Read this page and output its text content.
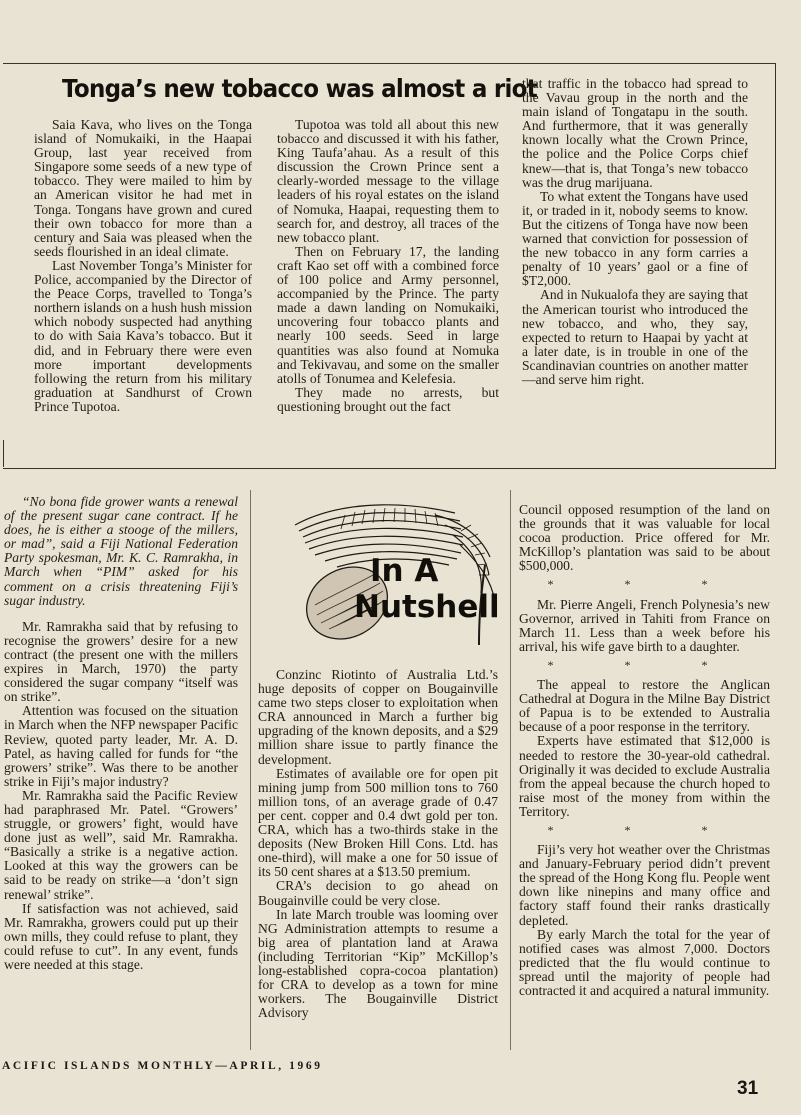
Tonga’s new tobacco was almost a riot

Saia Kava, who lives on the Tonga island of Nomukaiki, in the Haapai Group, last year received from Singapore some seeds of a new type of tobacco. They were mailed to him by an American visitor he had met in Tonga. Tongans have grown and cured their own tobacco for more than a century and Saia was pleased when the seeds flourished in an ideal climate.

Last November Tonga’s Minister for Police, accompanied by the Director of the Peace Corps, travelled to Tonga’s northern islands on a hush hush mission which nobody suspected had anything to do with Saia Kava’s tobacco. But it did, and in February there were even more important developments following the return from his military graduation at Sandhurst of Crown Prince Tupotoa.

Tupotoa was told all about this new tobacco and discussed it with his father, King Taufa’ahau. As a result of this discussion the Crown Prince sent a clearly-worded message to the village leaders of his royal estates on the island of Nomuka, Haapai, requesting them to search for, and destroy, all traces of the new tobacco plant.

Then on February 17, the landing craft Kao set off with a combined force of 100 police and Army personnel, accompanied by the Prince. The party made a dawn landing on Nomukaiki, uncovering four tobacco plants and nearly 100 seeds. Seed in large quantities was also found at Nomuka and Tekivavau, and some on the smaller atolls of Tonumea and Kelefesia.

They made no arrests, but questioning brought out the fact

that traffic in the tobacco had spread to the Vavau group in the north and the main island of Tongatapu in the south. And furthermore, that it was generally known locally what the Crown Prince, the police and the Police Corps chief knew—that is, that Tonga’s new tobacco was the drug marijuana.

To what extent the Tongans have used it, or traded in it, nobody seems to know. But the citizens of Tonga have now been warned that conviction for possession of the new tobacco in any form carries a penalty of 10 years’ gaol or a fine of $T2,000.

And in Nukualofa they are saying that the American tourist who introduced the new tobacco, and who, they say, expected to return to Haapai by yacht at a later date, is in trouble in one of the Scandinavian countries on another matter—and serve him right.

“No bona fide grower wants a renewal of the present sugar cane contract. If he does, he is either a stooge of the millers, or mad”, said a Fiji National Federation Party spokesman, Mr. K. C. Ramrakha, in March when “PIM” asked for his comment on a crisis threatening Fiji’s sugar industry.

Mr. Ramrakha said that by refusing to recognise the growers’ desire for a new contract (the present one with the millers expires in March, 1970) the party considered the sugar company “itself was on strike”.

Attention was focused on the situation in March when the NFP newspaper Pacific Review, quoted party leader, Mr. A. D. Patel, as having called for funds for “the growers’ strike”. Was there to be another strike in Fiji’s major industry?

Mr. Ramrakha said the Pacific Review had paraphrased Mr. Patel. “Growers’ struggle, or growers’ fight, would have done just as well”, said Mr. Ramrakha. “Basically a strike is a negative action. Looked at this way the growers can be said to be ready on strike—a ‘don’t sign renewal’ strike”.

If satisfaction was not achieved, said Mr. Ramrakha, growers could put up their own mills, they could refuse to plant, they could refuse to cut”. In any event, funds were needed at this stage.

In A
Nutshell

Conzinc Riotinto of Australia Ltd.’s huge deposits of copper on Bougainville came two steps closer to exploitation when CRA announced in March a further big upgrading of the known deposits, and a $29 million share issue to partly finance the development.

Estimates of available ore for open pit mining jump from 500 million tons to 760 million tons, of an average grade of 0.47 per cent. copper and 0.4 dwt gold per ton. CRA, which has a two-thirds stake in the deposits (New Broken Hill Cons. Ltd. has one-third), will make a one for 50 issue of its 50 cent shares at a $13.50 premium.

CRA’s decision to go ahead on Bougainville could be very close.

In late March trouble was looming over NG Administration attempts to resume a big area of plantation land at Arawa (including Territorian “Kip” McKillop’s long-established copra-cocoa plantation) for CRA to develop as a town for mine workers. The Bougainville District Advisory

Council opposed resumption of the land on the grounds that it was valuable for local cocoa production. Price offered for Mr. McKillop’s plantation was said to be about $500,000.

* * *

Mr. Pierre Angeli, French Polynesia’s new Governor, arrived in Tahiti from France on March 11. Less than a week before his arrival, his wife gave birth to a daughter.

* * *

The appeal to restore the Anglican Cathedral at Dogura in the Milne Bay District of Papua is to be extended to Australia because of a poor response in the territory.

Experts have estimated that $12,000 is needed to restore the 30-year-old cathedral. Originally it was decided to exclude Australia from the appeal because the church hoped to raise most of the money from within the Territory.

* * *

Fiji’s very hot weather over the Christmas and January-February period didn’t prevent the spread of the Hong Kong flu. People went down like ninepins and many office and factory staff found their ranks drastically depleted.

By early March the total for the year of notified cases was almost 7,000. Doctors predicted that the flu would continue to spread until the majority of people had contracted it and acquired a natural immunity.

ACIFIC ISLANDS MONTHLY—APRIL, 1969
31
